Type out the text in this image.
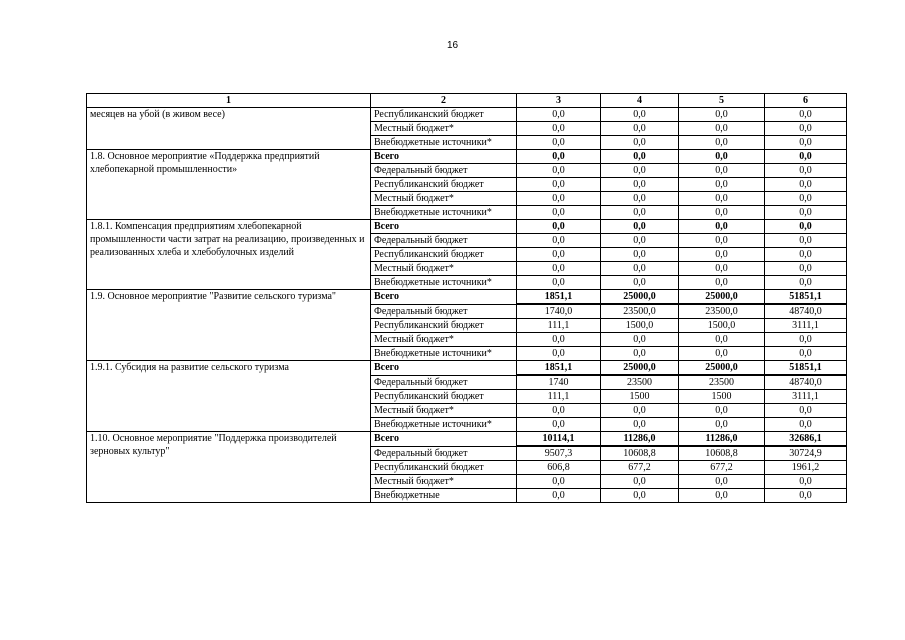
16
1	2	3	4	5	6
месяцев на убой (в живом весе)	Республиканский бюджет	0,0	0,0	0,0	0,0
	Местный бюджет*	0,0	0,0	0,0	0,0
	Внебюджетные источники*	0,0	0,0	0,0	0,0
1.8. Основное мероприятие «Поддержка предприятий хлебопекарной промышленности»	Всего	0,0	0,0	0,0	0,0
	Федеральный бюджет	0,0	0,0	0,0	0,0
	Республиканский бюджет	0,0	0,0	0,0	0,0
	Местный бюджет*	0,0	0,0	0,0	0,0
	Внебюджетные источники*	0,0	0,0	0,0	0,0
1.8.1. Компенсация предприятиям хлебопекарной промышленности части затрат на реализацию, произведенных и реализованных хлеба и хлебобулочных изделий	Всего	0,0	0,0	0,0	0,0
	Федеральный бюджет	0,0	0,0	0,0	0,0
	Республиканский бюджет	0,0	0,0	0,0	0,0
	Местный бюджет*	0,0	0,0	0,0	0,0
	Внебюджетные источники*	0,0	0,0	0,0	0,0
1.9. Основное мероприятие "Развитие сельского туризма"	Всего	1851,1	25000,0	25000,0	51851,1
	Федеральный бюджет	1740,0	23500,0	23500,0	48740,0
	Республиканский бюджет	111,1	1500,0	1500,0	3111,1
	Местный бюджет*	0,0	0,0	0,0	0,0
	Внебюджетные источники*	0,0	0,0	0,0	0,0
1.9.1. Субсидия на развитие сельского туризма	Всего	1851,1	25000,0	25000,0	51851,1
	Федеральный бюджет	1740	23500	23500	48740,0
	Республиканский бюджет	111,1	1500	1500	3111,1
	Местный бюджет*	0,0	0,0	0,0	0,0
	Внебюджетные источники*	0,0	0,0	0,0	0,0
1.10. Основное мероприятие "Поддержка производителей зерновых культур"	Всего	10114,1	11286,0	11286,0	32686,1
	Федеральный бюджет	9507,3	10608,8	10608,8	30724,9
	Республиканский бюджет	606,8	677,2	677,2	1961,2
	Местный бюджет*	0,0	0,0	0,0	0,0
	Внебюджетные	0,0	0,0	0,0	0,0
